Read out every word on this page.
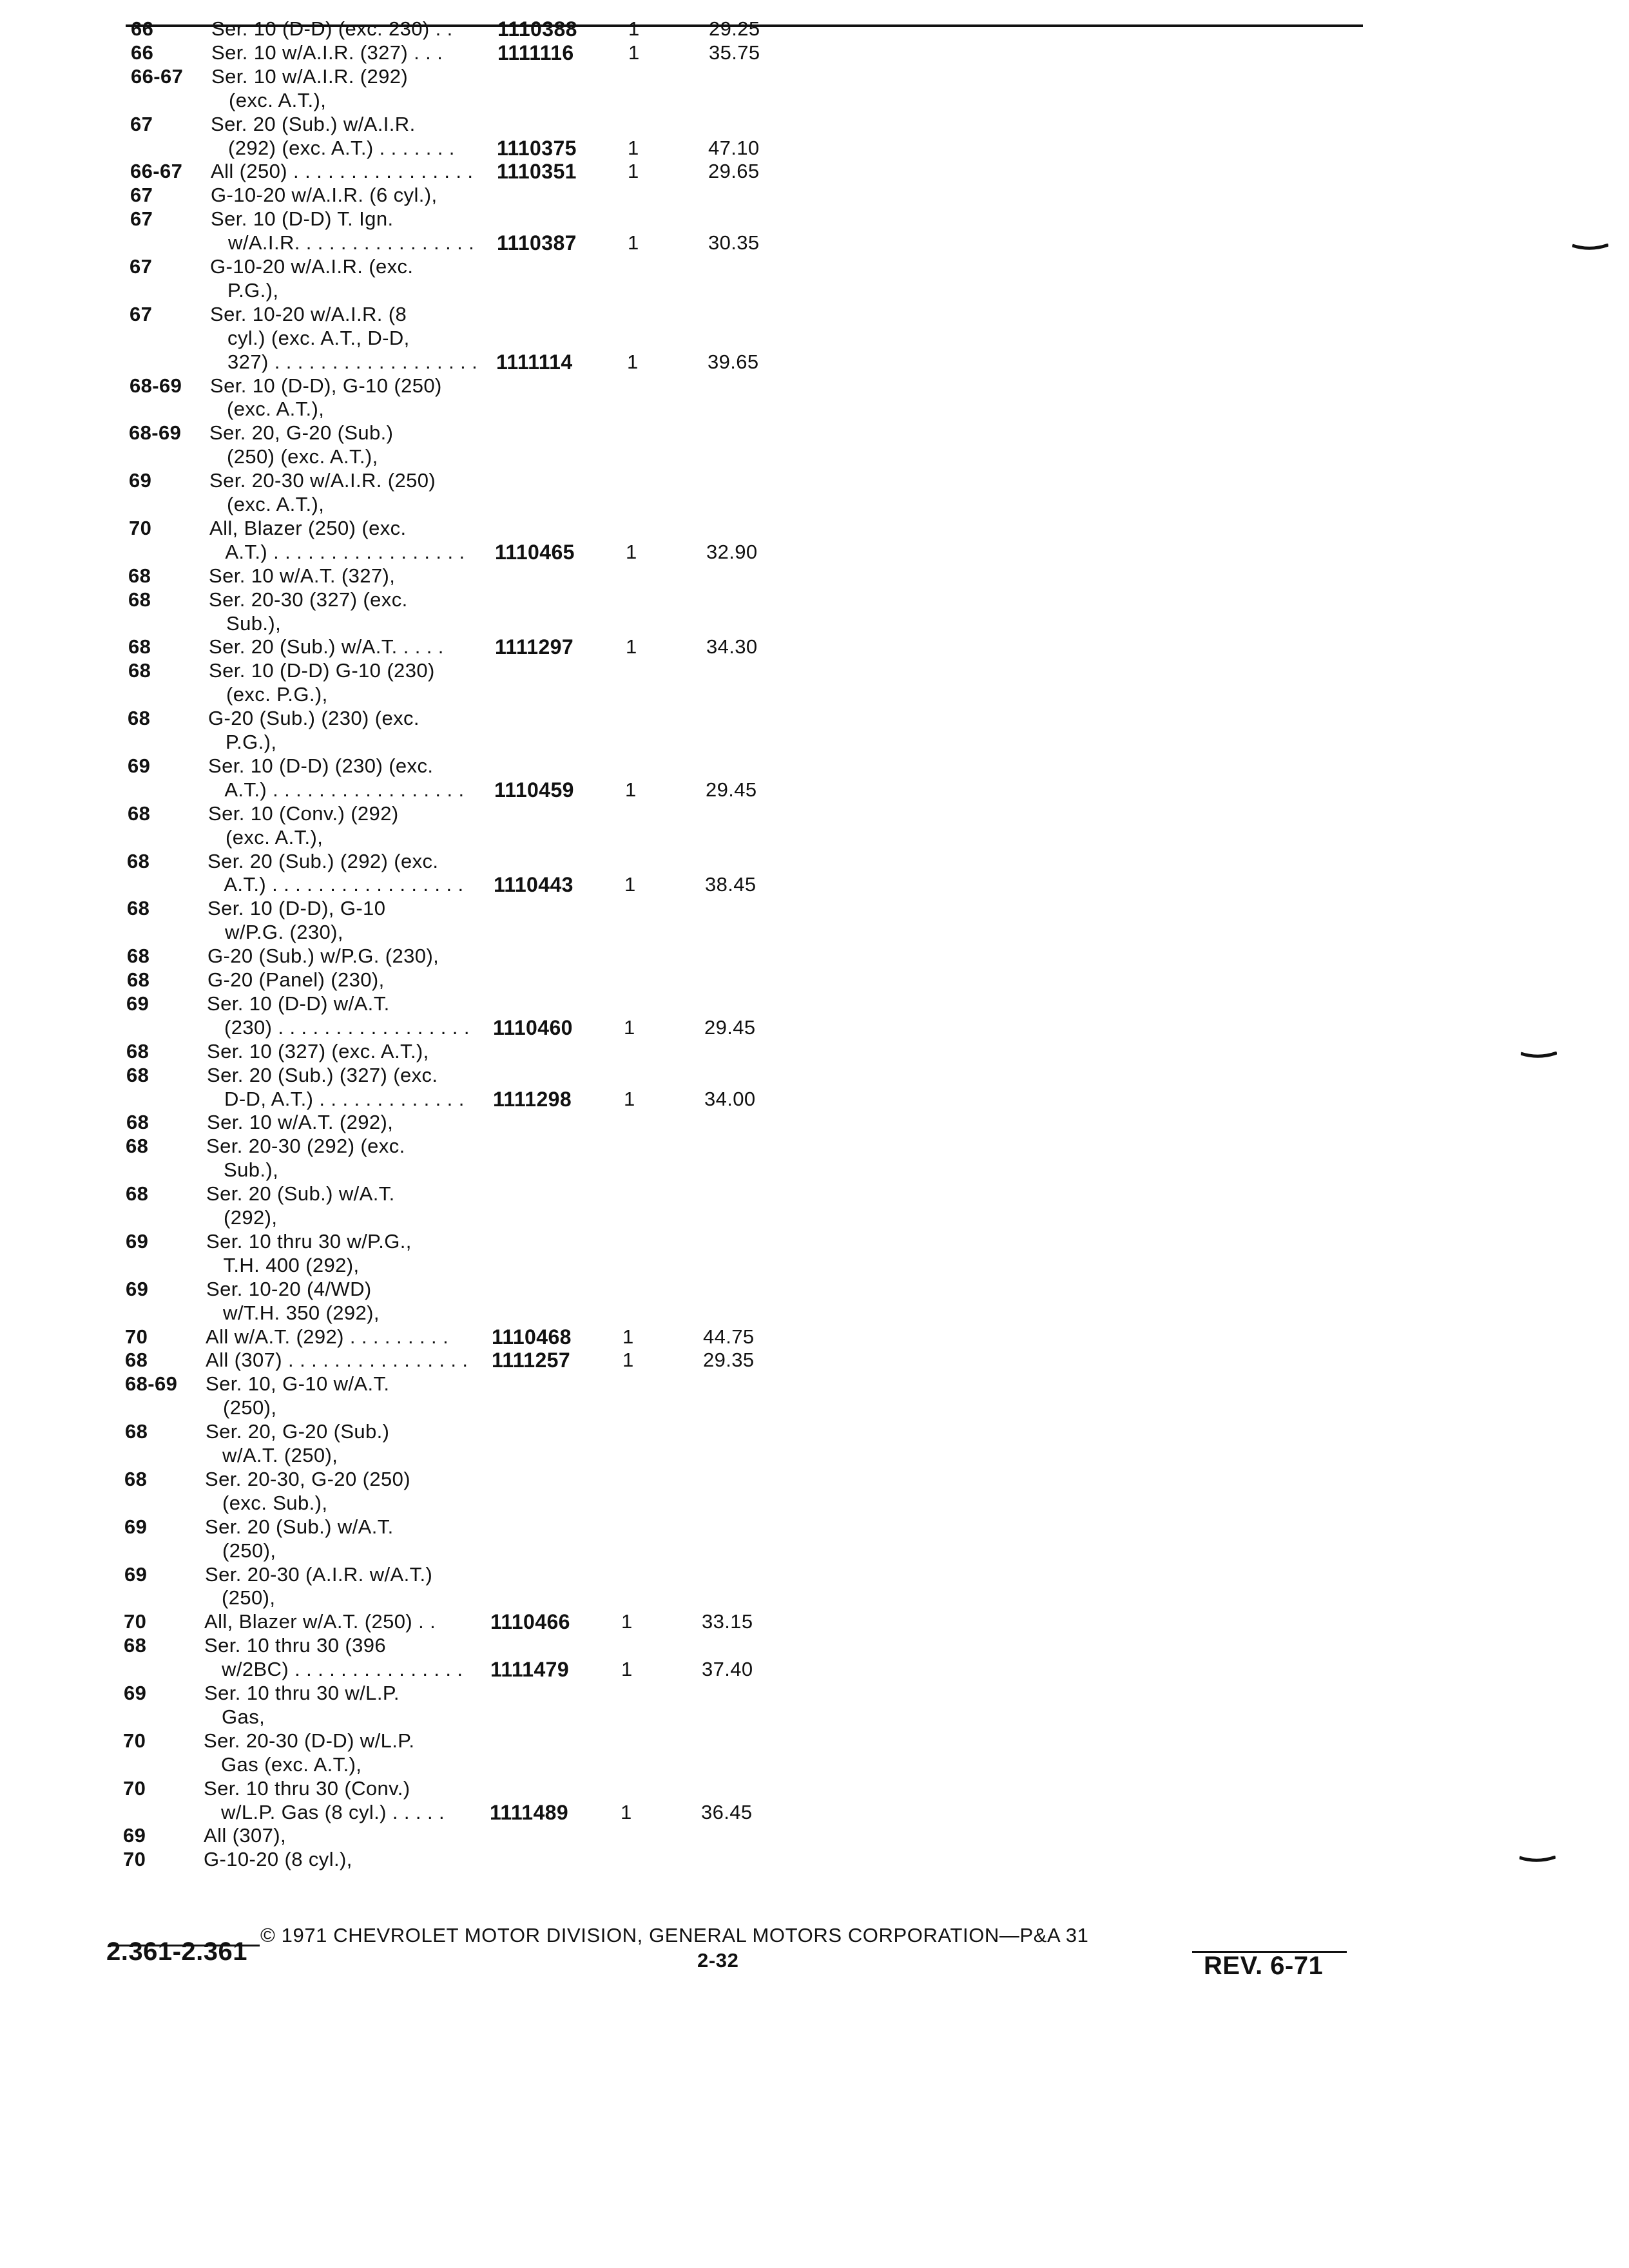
66	Ser. 10 (D-D) (exc. 230) . . 1110388	1	29.25
66	Ser. 10 w/A.I.R. (327) . . .	1111116	1	35.75
66-67 Ser. 10 w/A.I.R. (292)
(exc. A.T.),
67	Ser. 20 (Sub.) w/A.I.R.
(292) (exc. A.T.) . . . . . . . 1110375	1	47.10
66-67 All (250) . . . . . . . . . . . . . . . . 1110351	1	29.65
67	G-10-20 w/A.I.R. (6 cyl.),
67	Ser. 10 (D-D) T. Ign.
w/A.I.R. . . . . . . . . . . . . . . . 1110387	1	30.35
67	G-10-20 w/A.I.R. (exc.
P.G.),
67	Ser. 10-20 w/A.I.R. (8
cyl.) (exc. A.T., D-D,
327) . . . . . . . . . . . . . . . . . . 1111114	1	39.65
68-69 Ser. 10 (D-D), G-10 (250)
(exc. A.T.),
68-69 Ser. 20, G-20 (Sub.)
(250) (exc. A.T.),
69	Ser. 20-30 w/A.I.R. (250)
(exc. A.T.),
70	All, Blazer (250) (exc.
A.T.) . . . . . . . . . . . . . . . . . 1110465	1	32.90
68	Ser. 10 w/A.T. (327),
68	Ser. 20-30 (327) (exc.
Sub.),
68	Ser. 20 (Sub.) w/A.T. . . . . 1111297	1	34.30
68	Ser. 10 (D-D) G-10 (230)
(exc. P.G.),
68	G-20 (Sub.) (230) (exc.
P.G.),
69	Ser. 10 (D-D) (230) (exc.
A.T.) . . . . . . . . . . . . . . . . . 1110459	1	29.45
68	Ser. 10 (Conv.) (292)
(exc. A.T.),
68	Ser. 20 (Sub.) (292) (exc.
A.T.) . . . . . . . . . . . . . . . . . 1110443	1	38.45
68	Ser. 10 (D-D), G-10
w/P.G. (230),
68	G-20 (Sub.) w/P.G. (230),
68	G-20 (Panel) (230),
69	Ser. 10 (D-D) w/A.T.
(230) . . . . . . . . . . . . . . . . . 1110460	1	29.45
68	Ser. 10 (327) (exc. A.T.),
68	Ser. 20 (Sub.) (327) (exc.
D-D, A.T.) . . . . . . . . . . . . . 1111298	1	34.00
68	Ser. 10 w/A.T. (292),
68	Ser. 20-30 (292) (exc.
Sub.),
68	Ser. 20 (Sub.) w/A.T.
(292),
69	Ser. 10 thru 30 w/P.G.,
T.H. 400 (292),
69	Ser. 10-20 (4/WD)
w/T.H. 350 (292),
70	All w/A.T. (292) . . . . . . . . . 1110468	1	44.75
68	All (307) . . . . . . . . . . . . . . . . 1111257	1	29.35
68-69 Ser. 10, G-10 w/A.T.
(250),
68	Ser. 20, G-20 (Sub.)
w/A.T. (250),
68	Ser. 20-30, G-20 (250)
(exc. Sub.),
69	Ser. 20 (Sub.) w/A.T.
(250),
69	Ser. 20-30 (A.I.R. w/A.T.)
(250),
70	All, Blazer w/A.T. (250) . .	1110466	1	33.15
68	Ser. 10 thru 30 (396
w/2BC) . . . . . . . . . . . . . . . 1111479	1	37.40
69	Ser. 10 thru 30 w/L.P.
Gas,
70	Ser. 20-30 (D-D) w/L.P.
Gas (exc. A.T.),
70	Ser. 10 thru 30 (Conv.)
w/L.P. Gas (8 cyl.) . . . . . 1111489	1	36.45
69	All (307),
70	G-10-20 (8 cyl.),
© 1971 CHEVROLET MOTOR DIVISION, GENERAL MOTORS CORPORATION—P&A 31
2.361-2.361	2-32	REV. 6-71
